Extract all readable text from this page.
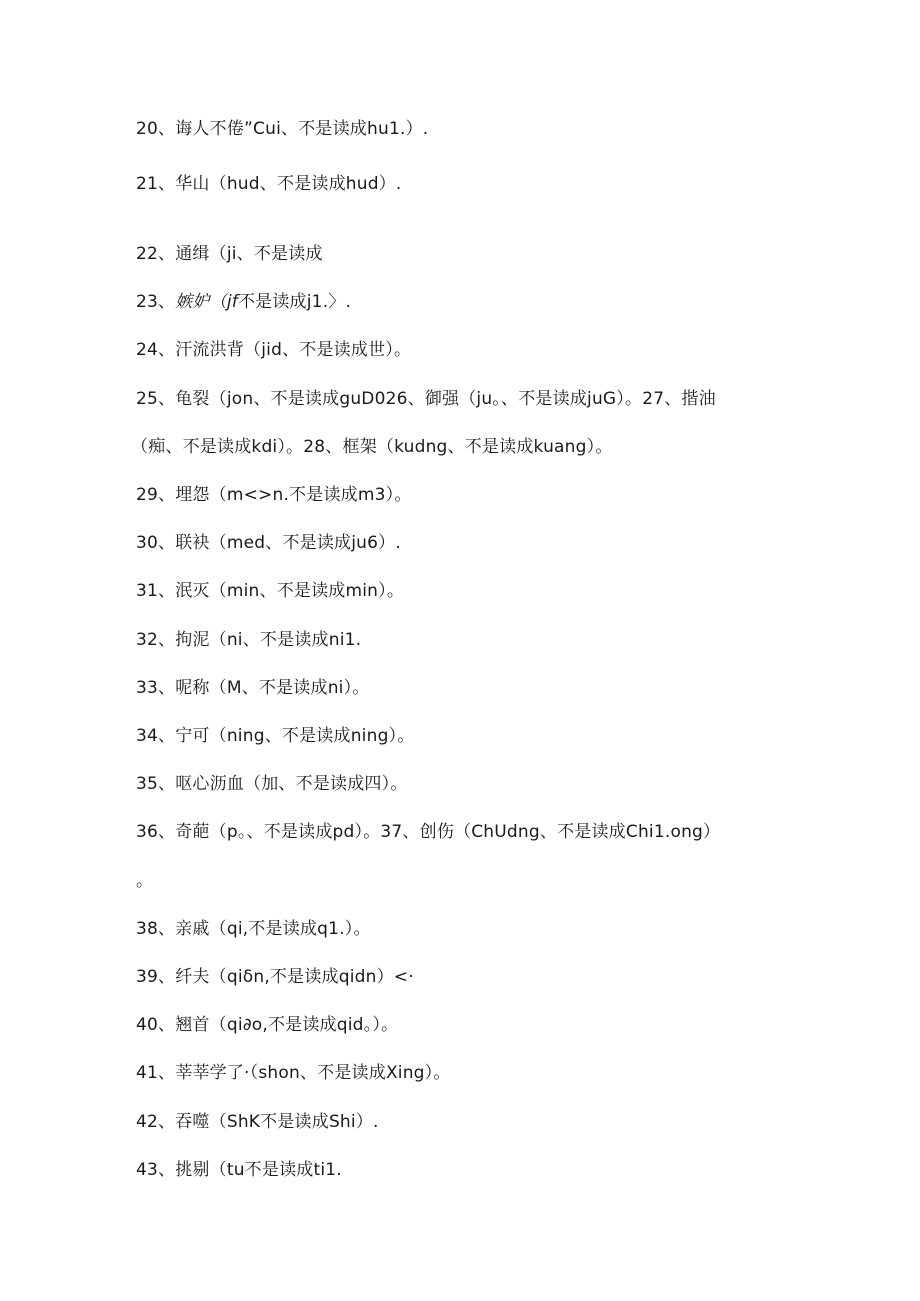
20、诲人不倦”Cui、不是读成hu1.）.
21、华山（hud、不是读成hud）.
22、通缉（ji、不是读成
23、嫉妒（jf不是读成j1.〉.
24、汗流洪背（jid、不是读成世）。
25、龟裂（jon、不是读成guD026、御强（ju。、不是读成juG）。27、揩油
（痴、不是读成kdi）。28、框架（kudng、不是读成kuang）。
29、埋怨（m<>n.不是读成m3）。
30、联袂（med、不是读成ju6）.
31、泯灭（min、不是读成min）。
32、拘泥（ni、不是读成ni1.
33、呢称（M、不是读成ni）。
34、宁可（ning、不是读成ning）。
35、呕心沥血（加、不是读成四）。
36、奇葩（p。、不是读成pd）。37、创伤（ChUdng、不是读成Chi1.ong）
。
38、亲戚（qi,不是读成q1.）。
39、纤夫（qiδn,不是读成qidn）<·
40、翘首（qi∂o,不是读成qid。）。
41、莘莘学了·（shon、不是读成Xing）。
42、吞噬（ShK不是读成Shi）.
43、挑剔（tu不是读成ti1.
